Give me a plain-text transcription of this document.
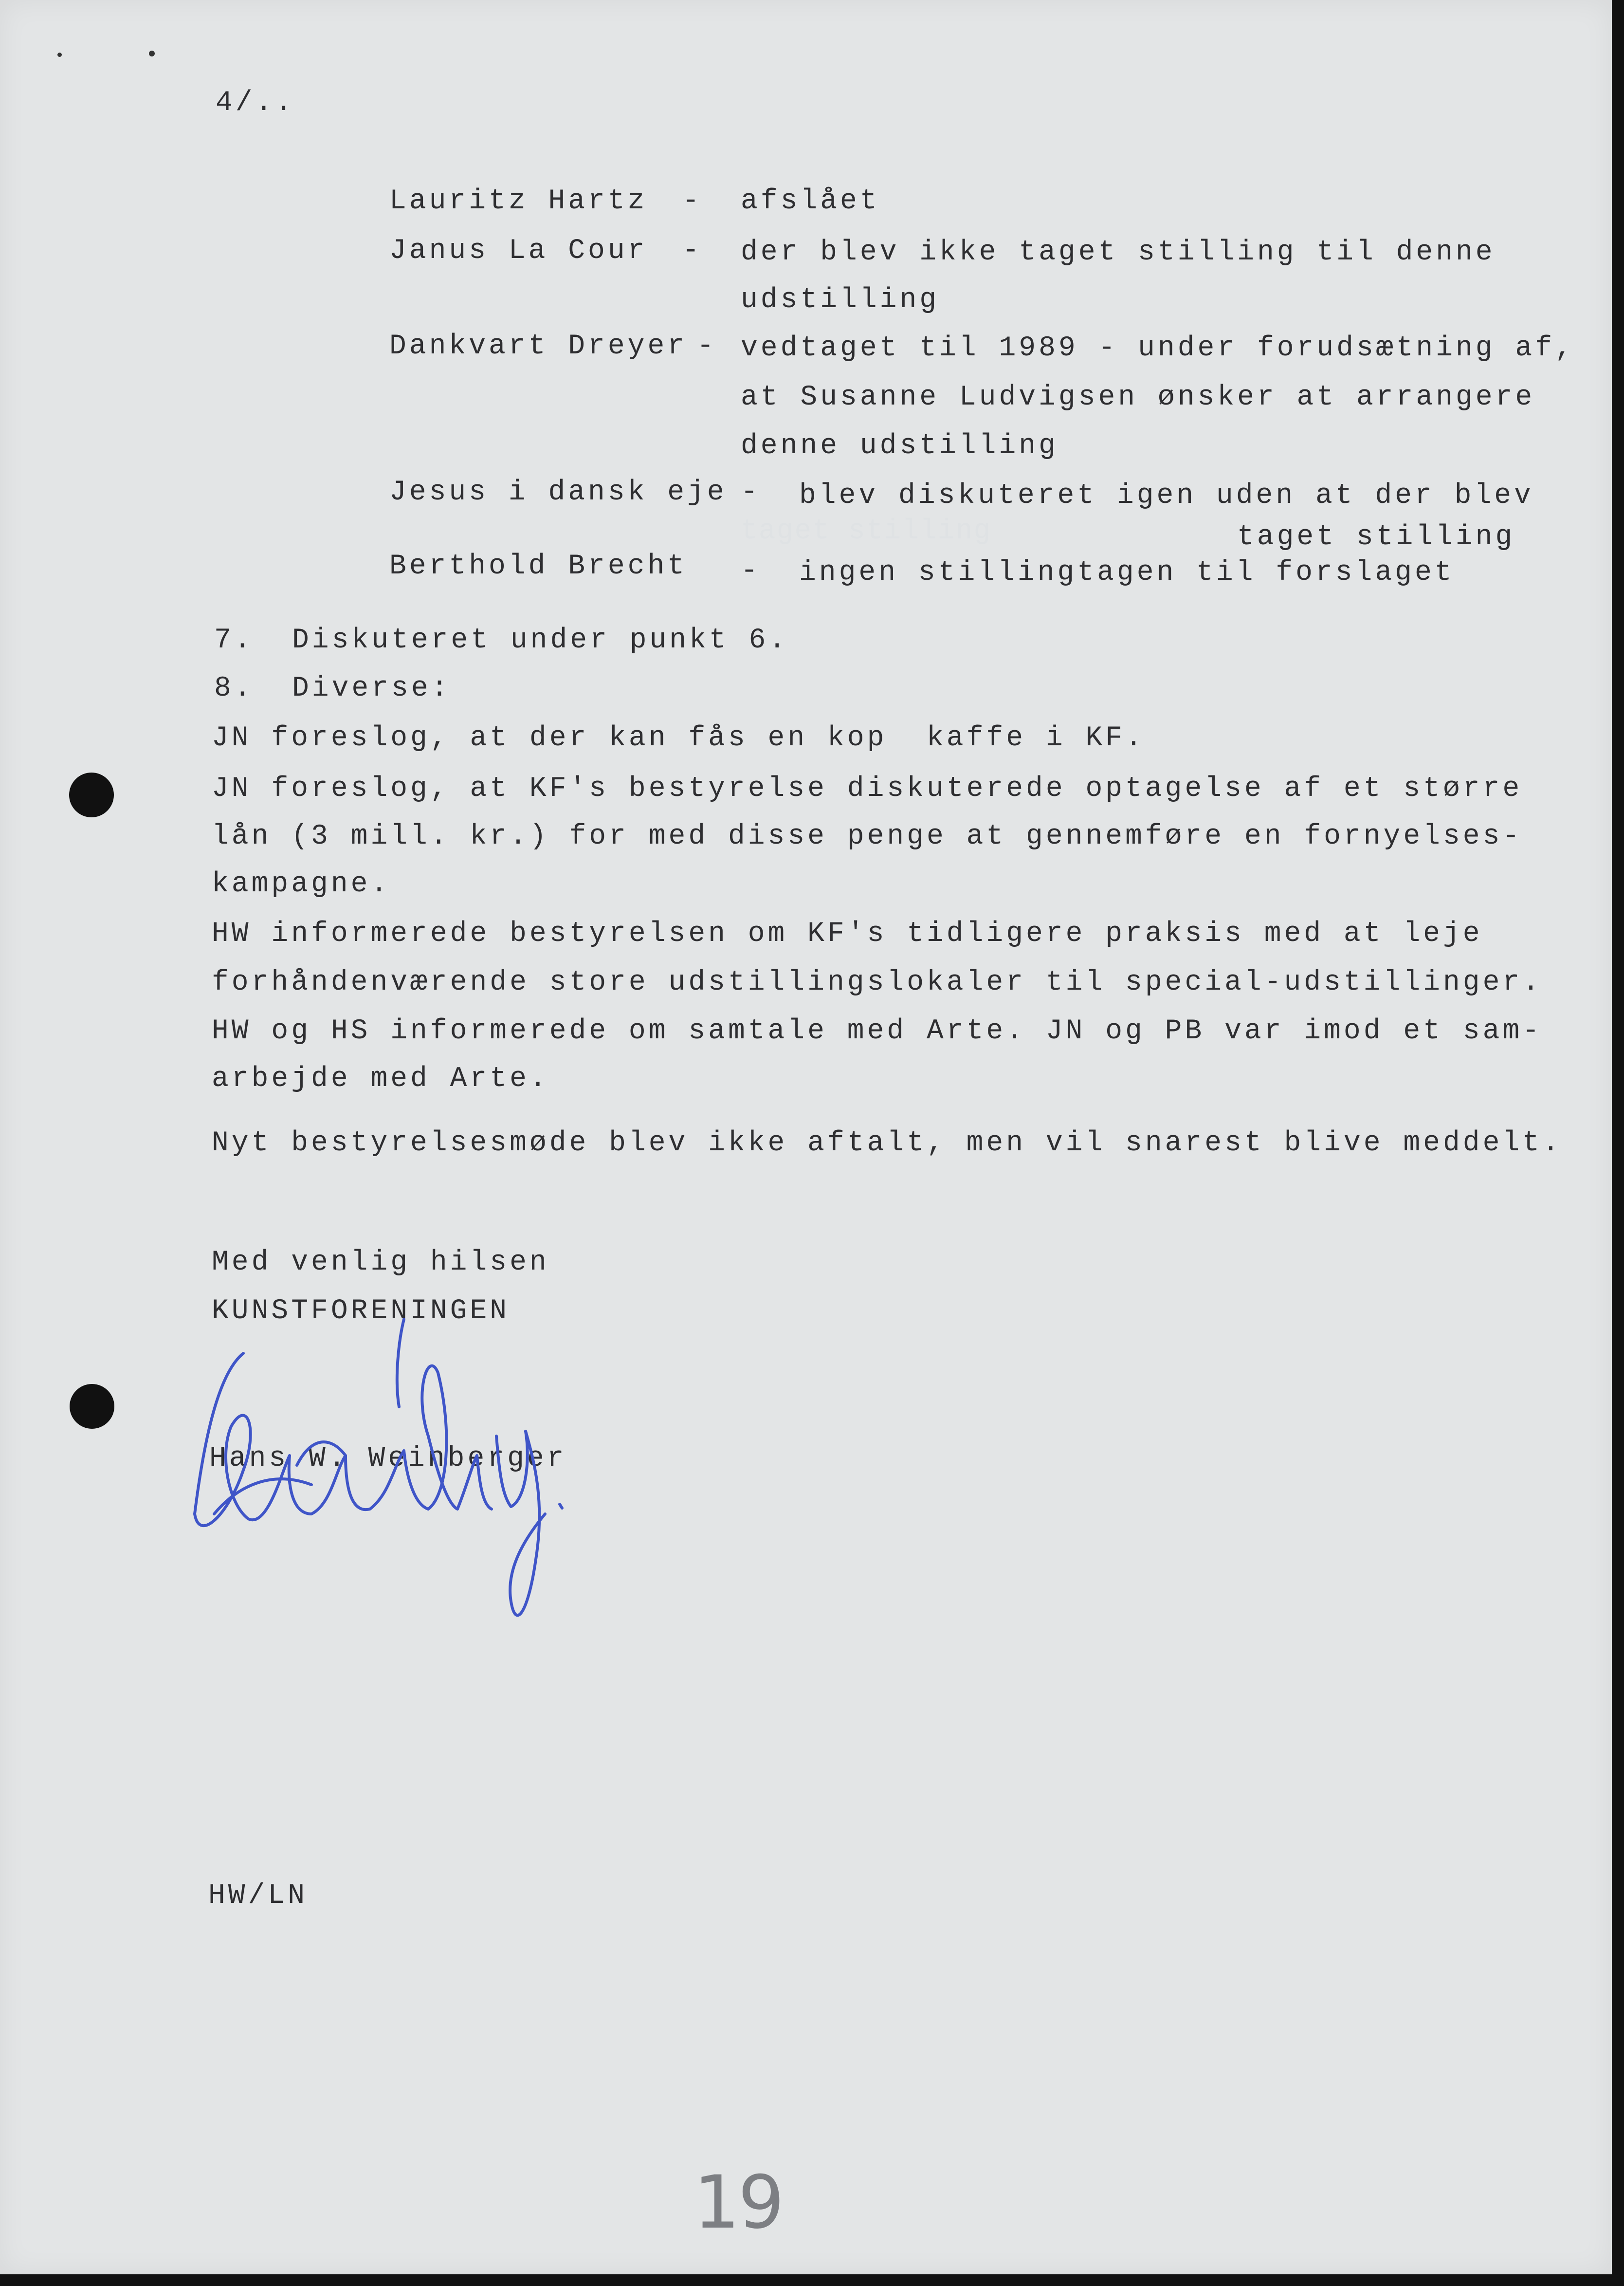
4/..
Lauritz Hartz - afslået
Janus La Cour - der blev ikke taget stilling til denne
udstilling
Dankvart Dreyer - vedtaget til 1989 - under forudsætning af,
at Susanne Ludvigsen ønsker at arrangere
denne udstilling
Jesus i dansk eje - blev diskuteret igen uden at der blev
taget stilling	taget stilling
Berthold Brecht - ingen stillingtagen til forslaget
7. Diskuteret under punkt 6.
8. Diverse:
JN foreslog, at der kan fås en kop  kaffe i KF.
JN foreslog, at KF's bestyrelse diskuterede optagelse af et større
lån (3 mill. kr.) for med disse penge at gennemføre en fornyelses-
kampagne.
HW informerede bestyrelsen om KF's tidligere praksis med at leje
forhåndenværende store udstillingslokaler til special-udstillinger.
HW og HS informerede om samtale med Arte. JN og PB var imod et sam-
arbejde med Arte.
Nyt bestyrelsesmøde blev ikke aftalt, men vil snarest blive meddelt.
Med venlig hilsen
KUNSTFORENINGEN
Hans W. Weinberger
HW/LN
19
